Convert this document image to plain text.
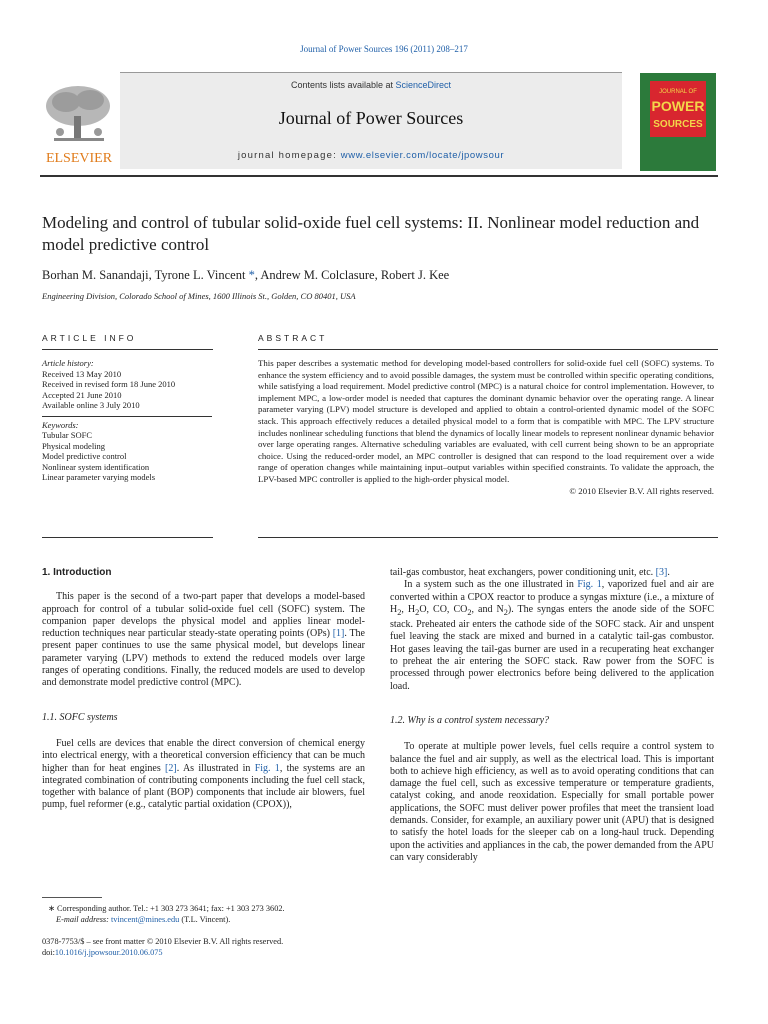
Journal of Power Sources 196 (2011) 208–217
Contents lists available at ScienceDirect
Journal of Power Sources
journal homepage: www.elsevier.com/locate/jpowsour
ELSEVIER
JOURNAL OF
POWER
SOURCES
Modeling and control of tubular solid-oxide fuel cell systems: II. Nonlinear model reduction and model predictive control
Borhan M. Sanandaji, Tyrone L. Vincent *, Andrew M. Colclasure, Robert J. Kee
Engineering Division, Colorado School of Mines, 1600 Illinois St., Golden, CO 80401, USA
ARTICLE INFO	ABSTRACT
Article history:
Received 13 May 2010
Received in revised form 18 June 2010
Accepted 21 June 2010
Available online 3 July 2010
Keywords:
Tubular SOFC
Physical modeling
Model predictive control
Nonlinear system identification
Linear parameter varying models
This paper describes a systematic method for developing model-based controllers for solid-oxide fuel cell (SOFC) systems. To enhance the system efficiency and to avoid possible damages, the system must be controlled within specific operating conditions, while satisfying a load requirement. Model predictive control (MPC) is a natural choice for control implementation. However, to implement MPC, a low-order model is needed that captures the dominant dynamic behavior over the operating range. A linear parameter varying (LPV) model structure is developed and applied to obtain a control-oriented dynamic model of the SOFC stack. This approach effectively reduces a detailed physical model to a form that is compatible with MPC. The LPV structure includes nonlinear scheduling functions that blend the dynamics of locally linear models to represent nonlinear dynamic behavior over large operating ranges. Alternative scheduling variables are evaluated, with cell current being shown to be an appropriate choice. Using the reduced-order model, an MPC controller is designed that can respond to the load requirement over a wide range of operation changes while maintaining input–output variables within specified constraints. To validate the approach, the LPV-based MPC controller is applied to the high-order physical model.
© 2010 Elsevier B.V. All rights reserved.
1. Introduction

This paper is the second of a two-part paper that develops a model-based approach for control of a tubular solid-oxide fuel cell (SOFC) system. The companion paper develops the physical model and applies linear model-reduction techniques near particular steady-state operating points (OPs) [1]. The present paper continues to use the same physical model, but develops linear parameter varying (LPV) methods to extend the reduced models over large ranges of operating conditions. Finally, the reduced models are used to develop and demonstrate model predictive control (MPC).

1.1. SOFC systems

Fuel cells are devices that enable the direct conversion of chemical energy into electrical energy, with a theoretical conversion efficiency that can be much higher than for heat engines [2]. As illustrated in Fig. 1, the systems are an integrated combination of contributing components including the fuel cell stack, together with balance of plant (BOP) components that include air blowers, fuel pump, fuel reformer (e.g., catalytic partial oxidation (CPOX)),

tail-gas combustor, heat exchangers, power conditioning unit, etc. [3].

In a system such as the one illustrated in Fig. 1, vaporized fuel and air are converted within a CPOX reactor to produce a syngas mixture (i.e., a mixture of $H_2$, $H_2O$, CO, $CO_2$, and $N_2$). The syngas enters the anode side of the SOFC stack. Preheated air enters the cathode side of the SOFC stack. Air and unspent fuel leaving the stack are mixed and burned in a catalytic tail-gas combustor. Hot gases leaving the tail-gas burner are used in a recuperating heat exchanger to preheat the air entering the SOFC stack. Raw power from the SOFC is processed through power electronics before being delivered to the application load.

1.2. Why is a control system necessary?

To operate at multiple power levels, fuel cells require a control system to balance the fuel and air supply, as well as the electrical load. This is important both to achieve high efficiency, as well as to avoid operating conditions that can damage the fuel cell, such as excessive temperature or temperature gradients, catalyst coking, and anode reoxidation. Especially for small portable power applications, the SOFC must deliver power profiles that meet the transient load demands. Consider, for example, an auxiliary power unit (APU) that is designed to satisfy the hotel loads for the sleeper cab on a long-haul truck. Depending upon the activities and appliances in the cab, the power demanded from the APU can vary considerably

∗ Corresponding author. Tel.: +1 303 273 3641; fax: +1 303 273 3602.
E-mail address: tvincent@mines.edu (T.L. Vincent).
0378-7753/$ – see front matter © 2010 Elsevier B.V. All rights reserved.
doi:10.1016/j.jpowsour.2010.06.075
